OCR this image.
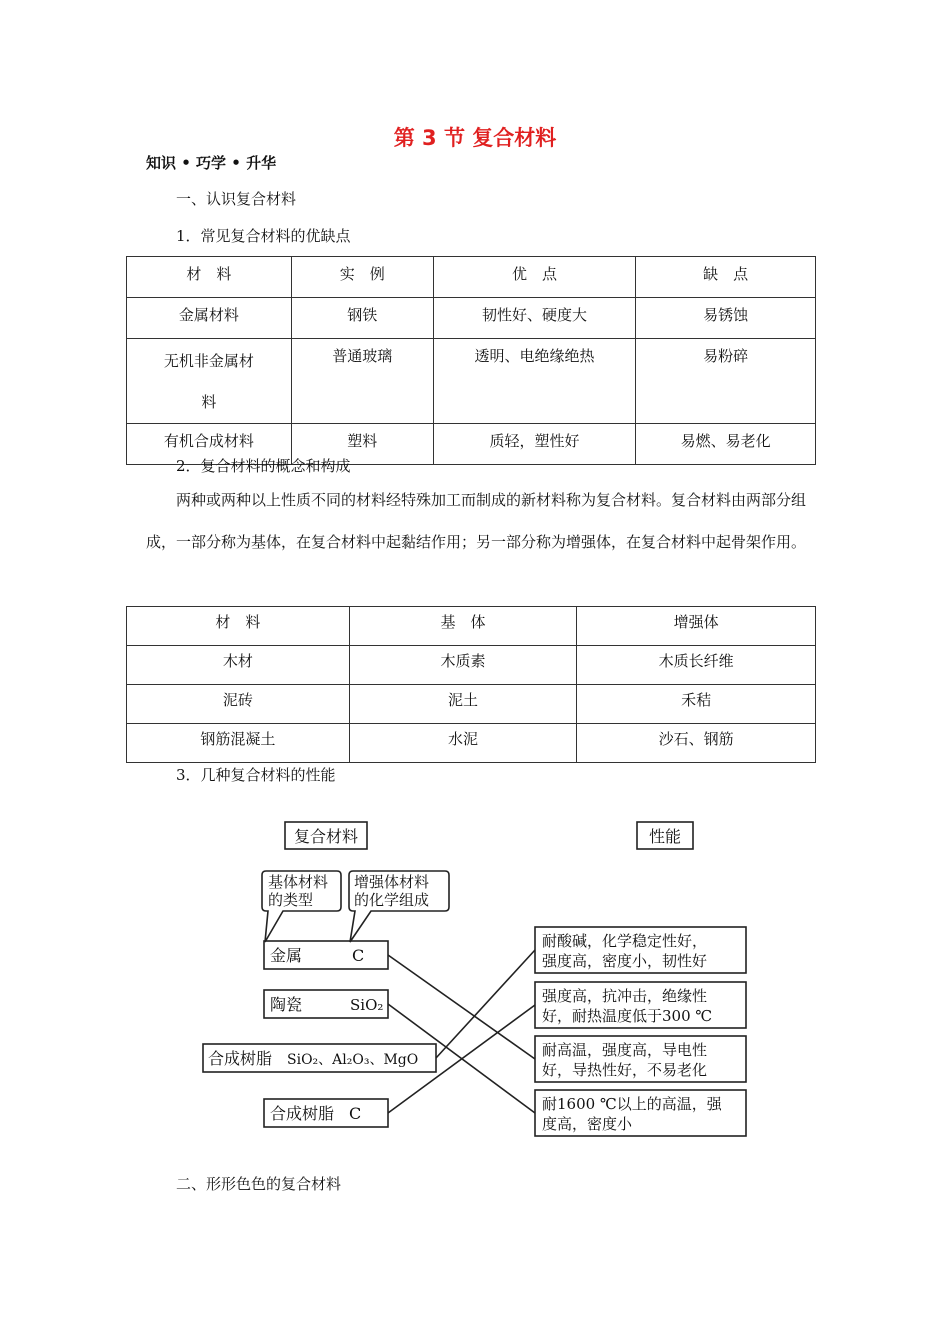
第 3 节 复合材料
知识 • 巧学 • 升华
一、认识复合材料
1．常见复合材料的优缺点
材　料	实　例	优　点	缺　点
金属材料	钢铁	韧性好、硬度大	易锈蚀
无机非金属材料	普通玻璃	透明、电绝缘绝热	易粉碎
有机合成材料	塑料	质轻，塑性好	易燃、易老化
2．复合材料的概念和构成
两种或两种以上性质不同的材料经特殊加工而制成的新材料称为复合材料。复合材料由两部分组成，一部分称为基体，在复合材料中起黏结作用；另一部分称为增强体，在复合材料中起骨架作用。
材　料	基　体	增强体
木材	木质素	木质长纤维
泥砖	泥土	禾秸
钢筋混凝土	水泥	沙石、钢筋
3．几种复合材料的性能
复合材料	性能
基体材料
的类型
增强体材料
的化学组成
金属	C
陶瓷	SiO₂
合成树脂 SiO₂、Al₂O₃、MgO
合成树脂 C
耐酸碱，化学稳定性好，
强度高，密度小，韧性好
强度高，抗冲击，绝缘性
好，耐热温度低于300 ℃
耐高温，强度高，导电性
好，导热性好，不易老化
耐1600 ℃以上的高温，强
度高，密度小
二、形形色色的复合材料
